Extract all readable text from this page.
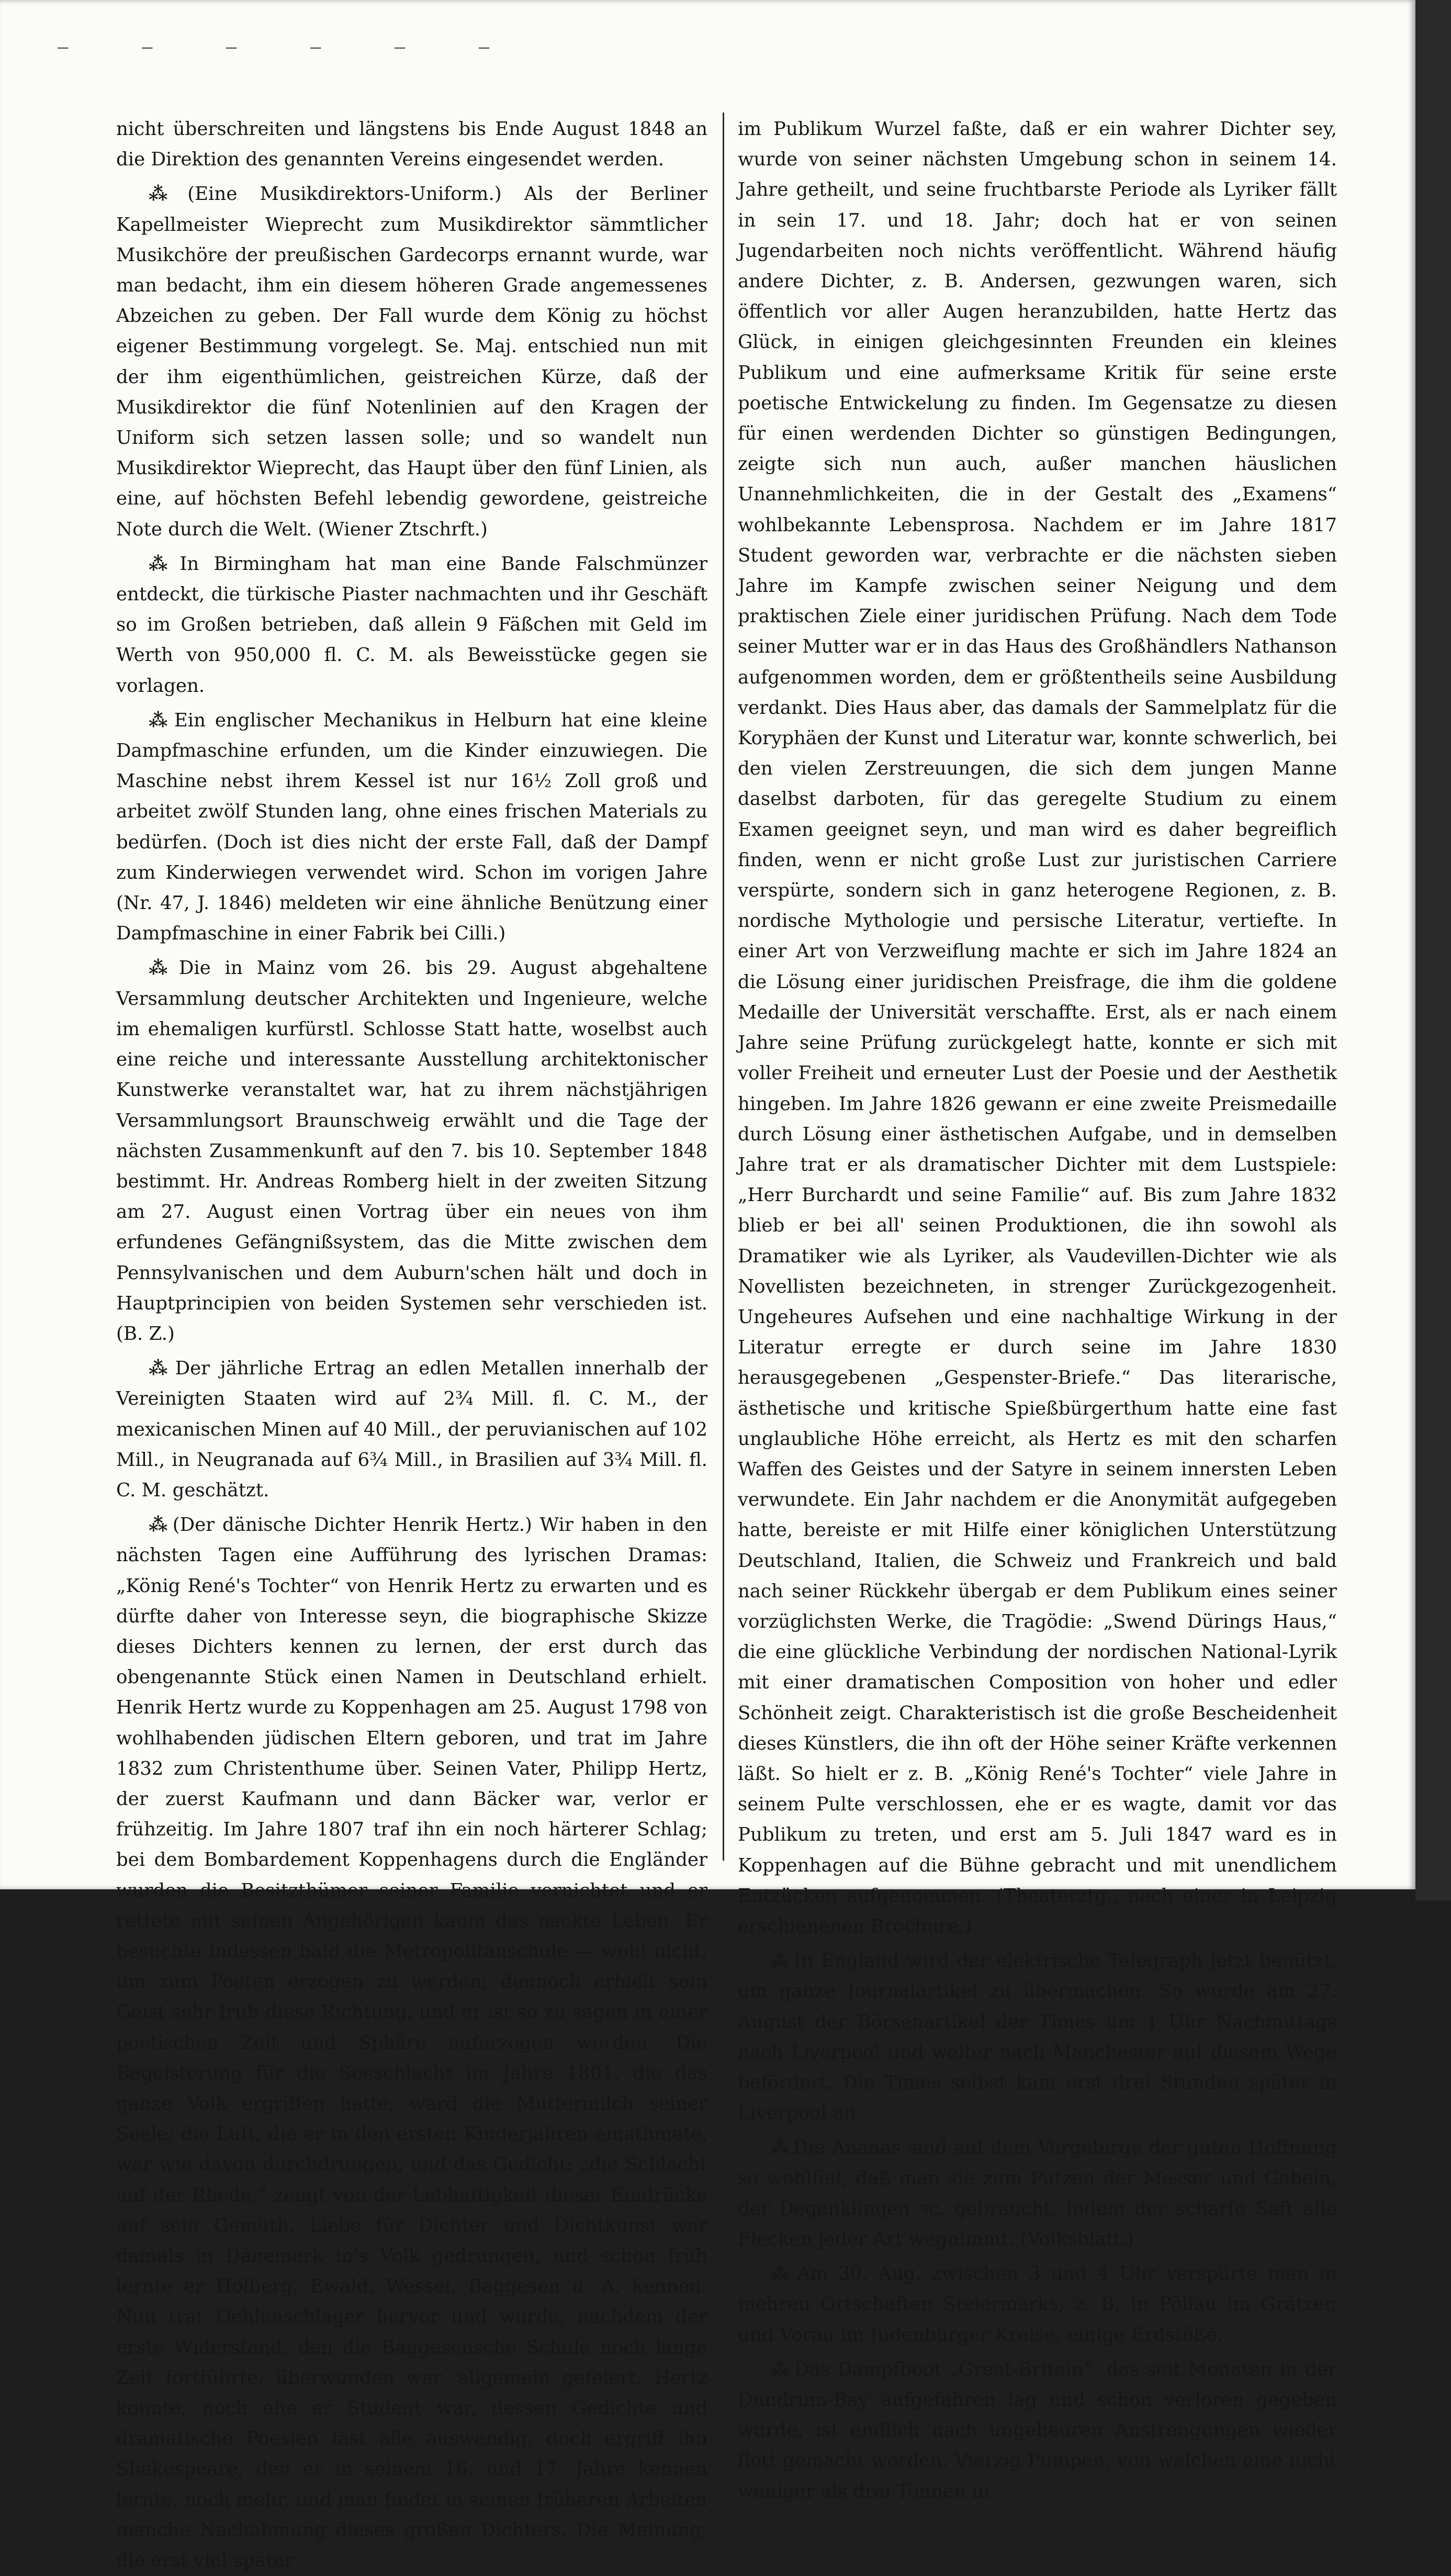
– – – – – –

nicht überschreiten und längstens bis Ende August 1848 an die Direktion des genannten Vereins eingesendet werden.

⁂ (Eine Musikdirektors-Uniform.) Als der Berliner Kapellmeister Wieprecht zum Musikdirektor sämmtlicher Musikchöre der preußischen Gardecorps ernannt wurde, war man bedacht, ihm ein diesem höheren Grade angemessenes Abzeichen zu geben. Der Fall wurde dem König zu höchst eigener Bestimmung vorgelegt. Se. Maj. entschied nun mit der ihm eigenthümlichen, geistreichen Kürze, daß der Musikdirektor die fünf Notenlinien auf den Kragen der Uniform sich setzen lassen solle; und so wandelt nun Musikdirektor Wieprecht, das Haupt über den fünf Linien, als eine, auf höchsten Befehl lebendig gewordene, geistreiche Note durch die Welt. (Wiener Ztschrft.)

⁂ In Birmingham hat man eine Bande Falschmünzer entdeckt, die türkische Piaster nachmachten und ihr Geschäft so im Großen betrieben, daß allein 9 Fäßchen mit Geld im Werth von 950,000 fl. C. M. als Beweisstücke gegen sie vorlagen.

⁂ Ein englischer Mechanikus in Helburn hat eine kleine Dampfmaschine erfunden, um die Kinder einzuwiegen. Die Maschine nebst ihrem Kessel ist nur 16½ Zoll groß und arbeitet zwölf Stunden lang, ohne eines frischen Materials zu bedürfen. (Doch ist dies nicht der erste Fall, daß der Dampf zum Kinderwiegen verwendet wird. Schon im vorigen Jahre (Nr. 47, J. 1846) meldeten wir eine ähnliche Benützung einer Dampfmaschine in einer Fabrik bei Cilli.)

⁂ Die in Mainz vom 26. bis 29. August abgehaltene Versammlung deutscher Architekten und Ingenieure, welche im ehemaligen kurfürstl. Schlosse Statt hatte, woselbst auch eine reiche und interessante Ausstellung architektonischer Kunstwerke veranstaltet war, hat zu ihrem nächstjährigen Versammlungsort Braunschweig erwählt und die Tage der nächsten Zusammenkunft auf den 7. bis 10. September 1848 bestimmt. Hr. Andreas Romberg hielt in der zweiten Sitzung am 27. August einen Vortrag über ein neues von ihm erfundenes Gefängnißsystem, das die Mitte zwischen dem Pennsylvanischen und dem Auburn'schen hält und doch in Hauptprincipien von beiden Systemen sehr verschieden ist. (B. Z.)

⁂ Der jährliche Ertrag an edlen Metallen innerhalb der Vereinigten Staaten wird auf 2¾ Mill. fl. C. M., der mexicanischen Minen auf 40 Mill., der peruvianischen auf 102 Mill., in Neugranada auf 6¾ Mill., in Brasilien auf 3¾ Mill. fl. C. M. geschätzt.

⁂ (Der dänische Dichter Henrik Hertz.) Wir haben in den nächsten Tagen eine Aufführung des lyrischen Dramas: „König René's Tochter“ von Henrik Hertz zu erwarten und es dürfte daher von Interesse seyn, die biographische Skizze dieses Dichters kennen zu lernen, der erst durch das obengenannte Stück einen Namen in Deutschland erhielt. Henrik Hertz wurde zu Koppenhagen am 25. August 1798 von wohlhabenden jüdischen Eltern geboren, und trat im Jahre 1832 zum Christenthume über. Seinen Vater, Philipp Hertz, der zuerst Kaufmann und dann Bäcker war, verlor er frühzeitig. Im Jahre 1807 traf ihn ein noch härterer Schlag; bei dem Bombardement Koppenhagens durch die Engländer wurden die Besitzthümer seiner Familie vernichtet und er rettete mit seinen Angehörigen kaum das nackte Leben. Er besuchte indessen bald die Metropolitanschule — wohl nicht, um zum Poeten erzogen zu werden; dennoch erhielt sein Geist sehr früh diese Richtung, und er ist so zu sagen in einer poetischen Zeit und Sphäre auferzogen worden. Die Begeisterung für die Seeschlacht im Jahre 1801, die das ganze Volk ergriffen hatte, ward die Muttermilch seiner Seele; die Luft, die er in den ersten Kinderjahren einathmete, war wie davon durchdrungen, und das Gedicht: „die Schlacht auf der Rhede,“ zeugt von der Lebhaftigkeit dieser Eindrücke auf sein Gemüth. Liebe für Dichter und Dichtkunst war damals in Dänemark in's Volk gedrungen, und schon früh lernte er Holberg, Ewald, Wessel, Baggesen u. A. kennen. Nun trat Oehlenschläger hervor und wurde, nachdem der erste Widerstand, den die Baggesensche Schule noch lange Zeit fortführte, überwunden war, allgemein gefeiert. Hertz konnte, noch ehe er Student war, dessen Gedichte und dramatische Poesien fast alle auswendig; doch ergriff ihn Shakespeare, den er in seinem 16. und 17. Jahre kennen lernte, noch mehr, und man findet in seinen früheren Arbeiten manche Nachahmung dieses großen Dichters. Die Meinung, die erst viel später

im Publikum Wurzel faßte, daß er ein wahrer Dichter sey, wurde von seiner nächsten Umgebung schon in seinem 14. Jahre getheilt, und seine fruchtbarste Periode als Lyriker fällt in sein 17. und 18. Jahr; doch hat er von seinen Jugendarbeiten noch nichts veröffentlicht. Während häufig andere Dichter, z. B. Andersen, gezwungen waren, sich öffentlich vor aller Augen heranzubilden, hatte Hertz das Glück, in einigen gleichgesinnten Freunden ein kleines Publikum und eine aufmerksame Kritik für seine erste poetische Entwickelung zu finden. Im Gegensatze zu diesen für einen werdenden Dichter so günstigen Bedingungen, zeigte sich nun auch, außer manchen häuslichen Unannehmlichkeiten, die in der Gestalt des „Examens“ wohlbekannte Lebensprosa. Nachdem er im Jahre 1817 Student geworden war, verbrachte er die nächsten sieben Jahre im Kampfe zwischen seiner Neigung und dem praktischen Ziele einer juridischen Prüfung. Nach dem Tode seiner Mutter war er in das Haus des Großhändlers Nathanson aufgenommen worden, dem er größtentheils seine Ausbildung verdankt. Dies Haus aber, das damals der Sammelplatz für die Koryphäen der Kunst und Literatur war, konnte schwerlich, bei den vielen Zerstreuungen, die sich dem jungen Manne daselbst darboten, für das geregelte Studium zu einem Examen geeignet seyn, und man wird es daher begreiflich finden, wenn er nicht große Lust zur juristischen Carriere verspürte, sondern sich in ganz heterogene Regionen, z. B. nordische Mythologie und persische Literatur, vertiefte. In einer Art von Verzweiflung machte er sich im Jahre 1824 an die Lösung einer juridischen Preisfrage, die ihm die goldene Medaille der Universität verschaffte. Erst, als er nach einem Jahre seine Prüfung zurückgelegt hatte, konnte er sich mit voller Freiheit und erneuter Lust der Poesie und der Aesthetik hingeben. Im Jahre 1826 gewann er eine zweite Preismedaille durch Lösung einer ästhetischen Aufgabe, und in demselben Jahre trat er als dramatischer Dichter mit dem Lustspiele: „Herr Burchardt und seine Familie“ auf. Bis zum Jahre 1832 blieb er bei all' seinen Produktionen, die ihn sowohl als Dramatiker wie als Lyriker, als Vaudevillen-Dichter wie als Novellisten bezeichneten, in strenger Zurückgezogenheit. Ungeheures Aufsehen und eine nachhaltige Wirkung in der Literatur erregte er durch seine im Jahre 1830 herausgegebenen „Gespenster-Briefe.“ Das literarische, ästhetische und kritische Spießbürgerthum hatte eine fast unglaubliche Höhe erreicht, als Hertz es mit den scharfen Waffen des Geistes und der Satyre in seinem innersten Leben verwundete. Ein Jahr nachdem er die Anonymität aufgegeben hatte, bereiste er mit Hilfe einer königlichen Unterstützung Deutschland, Italien, die Schweiz und Frankreich und bald nach seiner Rückkehr übergab er dem Publikum eines seiner vorzüglichsten Werke, die Tragödie: „Swend Dürings Haus,“ die eine glückliche Verbindung der nordischen National-Lyrik mit einer dramatischen Composition von hoher und edler Schönheit zeigt. Charakteristisch ist die große Bescheidenheit dieses Künstlers, die ihn oft der Höhe seiner Kräfte verkennen läßt. So hielt er z. B. „König René's Tochter“ viele Jahre in seinem Pulte verschlossen, ehe er es wagte, damit vor das Publikum zu treten, und erst am 5. Juli 1847 ward es in Koppenhagen auf die Bühne gebracht und mit unendlichem Entzücken aufgenommen. (Theaterztg., nach einer in Leipzig erschienenen Brochure.)

⁂ In England wird der elektrische Telegraph jetzt benützt, um ganze Journalartikel zu übermachen. So wurde am 27. August der Börsenartikel der Times um 1 Uhr Nachmittags nach Liverpool und weiter nach Manchester auf diesem Wege befördert. Die Times selbst kam erst drei Stunden später in Liverpool an.

⁂ Die Ananas sind auf dem Vorgebirge der guten Hoffnung so wohlfeil, daß man sie zum Putzen der Messer und Gabeln, der Degenklingen ꝛc. gebraucht, indem der scharfe Saft alle Flecken jeder Art wegnimmt. (Volksblatt.)

⁂ Am 30. Aug. zwischen 3 und 4 Uhr verspürte man in mehren Ortschaften Steiermarks, z. B. in Pöllau im Grätzer, und Vorau im Judenburger Kreise, einige Erdstöße.

⁂ Das Dampfboot „Great-Britain“, das seit Monaten in der Dundrum-Bay aufgefahren lag und schon verloren gegeben wurde, ist endlich nach ungeheuren Anstrengungen wieder flott gemacht worden. Vierzig Pumpen, von welchen eine nicht weniger als drei Tonnen in
